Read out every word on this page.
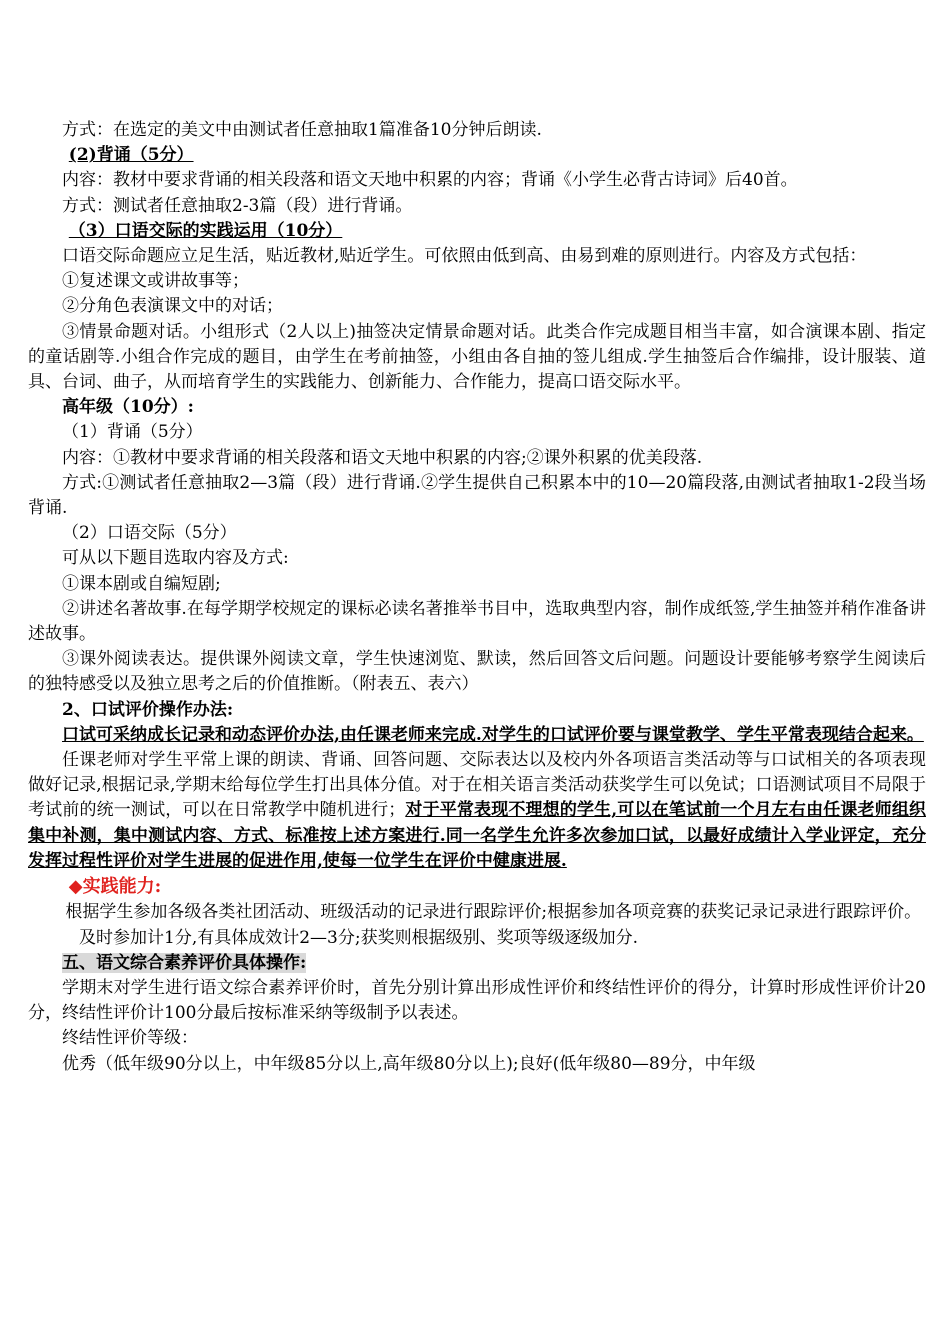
方式：在选定的美文中由测试者任意抽取1篇准备10分钟后朗读.

(2)背诵（5分）

内容：教材中要求背诵的相关段落和语文天地中积累的内容；背诵《小学生必背古诗词》后40首。

方式：测试者任意抽取2-3篇（段）进行背诵。

（3）口语交际的实践运用（10分）

口语交际命题应立足生活，贴近教材,贴近学生。可依照由低到高、由易到难的原则进行。内容及方式包括：

①复述课文或讲故事等；

②分角色表演课文中的对话；

③情景命题对话。小组形式（2人以上)抽签决定情景命题对话。此类合作完成题目相当丰富，如合演课本剧、指定的童话剧等.小组合作完成的题目，由学生在考前抽签，小组由各自抽的签儿组成.学生抽签后合作编排，设计服装、道具、台词、曲子，从而培育学生的实践能力、创新能力、合作能力，提高口语交际水平。

高年级（10分）:

（1）背诵（5分）

内容：①教材中要求背诵的相关段落和语文天地中积累的内容;②课外积累的优美段落.

方式:①测试者任意抽取2—3篇（段）进行背诵.②学生提供自己积累本中的10—20篇段落,由测试者抽取1-2段当场背诵.

（2）口语交际（5分）

可从以下题目选取内容及方式:

①课本剧或自编短剧;

②讲述名著故事.在每学期学校规定的课标必读名著推举书目中，选取典型内容，制作成纸签,学生抽签并稍作准备讲述故事。

③课外阅读表达。提供课外阅读文章，学生快速浏览、默读，然后回答文后问题。问题设计要能够考察学生阅读后的独特感受以及独立思考之后的价值推断。（附表五、表六）

2、口试评价操作办法:

口试可采纳成长记录和动态评价办法,由任课老师来完成.对学生的口试评价要与课堂教学、学生平常表现结合起来。

任课老师对学生平常上课的朗读、背诵、回答问题、交际表达以及校内外各项语言类活动等与口试相关的各项表现做好记录,根据记录,学期末给每位学生打出具体分值。对于在相关语言类活动获奖学生可以免试；口语测试项目不局限于考试前的统一测试，可以在日常教学中随机进行；对于平常表现不理想的学生,可以在笔试前一个月左右由任课老师组织集中补测，集中测试内容、方式、标准按上述方案进行.同一名学生允许多次参加口试，以最好成绩计入学业评定，充分发挥过程性评价对学生进展的促进作用,使每一位学生在评价中健康进展.

◆实践能力:

根据学生参加各级各类社团活动、班级活动的记录进行跟踪评价;根据参加各项竞赛的获奖记录记录进行跟踪评价。

及时参加计1分,有具体成效计2—3分;获奖则根据级别、奖项等级逐级加分.

五、语文综合素养评价具体操作:

学期末对学生进行语文综合素养评价时，首先分别计算出形成性评价和终结性评价的得分，计算时形成性评价计20分，终结性评价计100分最后按标准采纳等级制予以表述。

终结性评价等级：

优秀（低年级90分以上，中年级85分以上,高年级80分以上);良好(低年级80—89分，中年级
